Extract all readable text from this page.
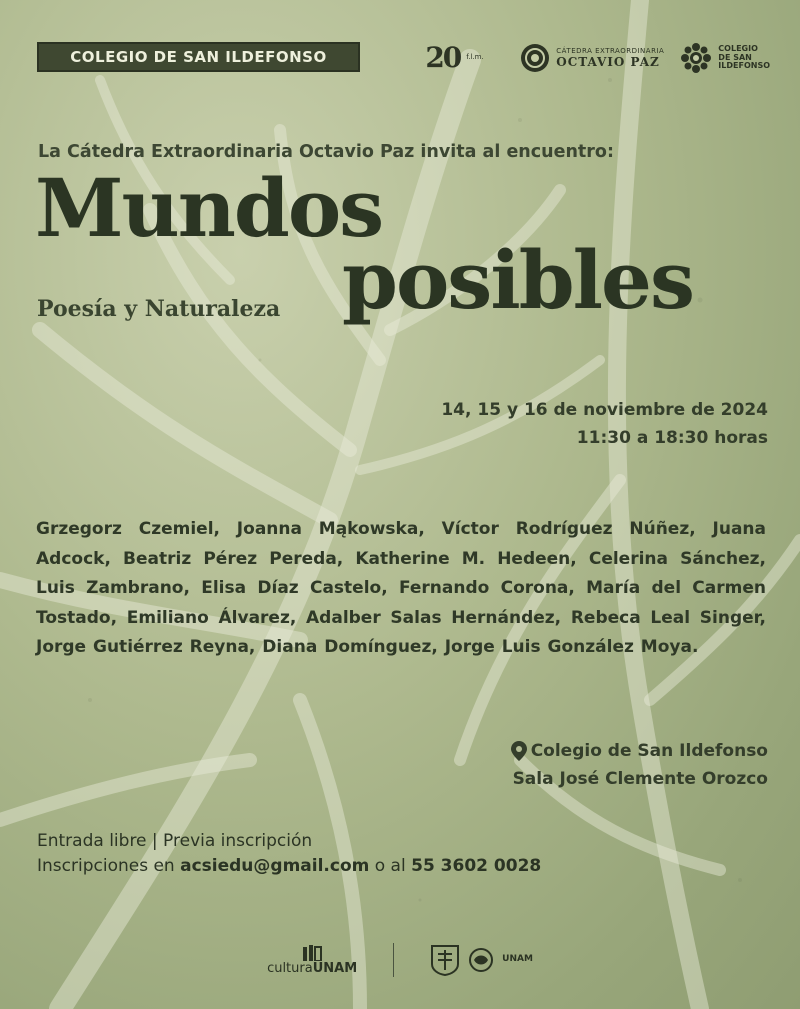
COLEGIO DE SAN ILDEFONSO	20 f.l.m.
CÁTEDRA EXTRAORDINARIA
OCTAVIO PAZ
COLEGIO
DE SAN
ILDEFONSO
La Cátedra Extraordinaria Octavio Paz invita al encuentro:
Mundos
posibles
Poesía y Naturaleza
14, 15 y 16 de noviembre de 2024
11:30 a 18:30 horas
Grzegorz Czemiel, Joanna Mąkowska, Víctor Rodríguez Núñez, Juana Adcock, Beatriz Pérez Pereda, Katherine M. Hedeen, Celerina Sánchez, Luis Zambrano, Elisa Díaz Castelo, Fernando Corona, María del Carmen Tostado, Emiliano Álvarez, Adalber Salas Hernández, Rebeca Leal Singer, Jorge Gutiérrez Reyna, Diana Domínguez, Jorge Luis González Moya.
Colegio de San Ildefonso
Sala José Clemente Orozco
Entrada libre | Previa inscripción
Inscripciones en acsiedu@gmail.com o al 55 3602 0028
culturaUNAM
UNAM
